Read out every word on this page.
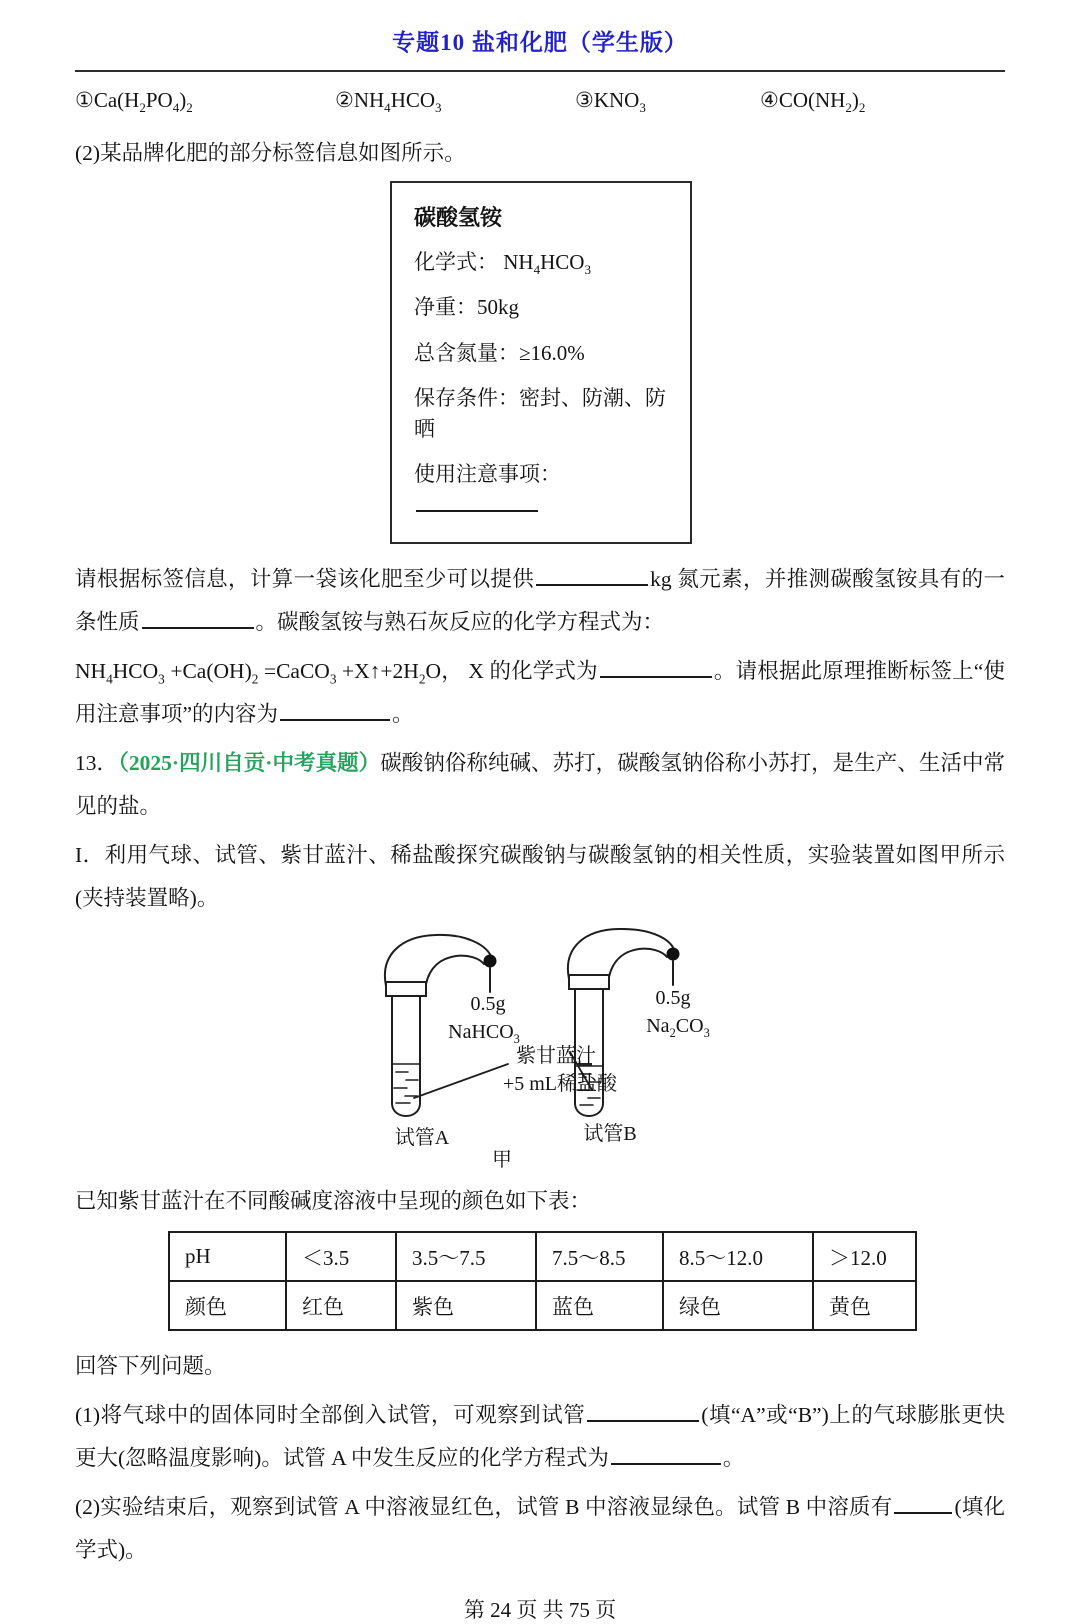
专题10 盐和化肥（学生版）
$①Ca(H_2PO_4)_2$	$②NH_4HCO_3$	$③KNO_3$	$④CO(NH_2)_2$

(2)某品牌化肥的部分标签信息如图所示。

碳酸氢铵
化学式： $NH_4HCO_3$
净重：50kg
总含氮量：≥16.0%
保存条件：密封、防潮、防晒
使用注意事项：

请根据标签信息，计算一袋该化肥至少可以提供	kg 氮元素，并推测碳酸氢铵具有的一条性质	。碳酸氢铵与熟石灰反应的化学方程式为：

$NH_4HCO_3 +Ca(OH)_2$ =CaCO$_3$ $+X↑+2H_2O$， X 的化学式为	。请根据此原理推断标签上“使用注意事项”的内容为	。

13．（2025·四川自贡·中考真题）碳酸钠俗称纯碱、苏打，碳酸氢钠俗称小苏打，是生产、生活中常见的盐。

I．利用气球、试管、紫甘蓝汁、稀盐酸探究碳酸钠与碳酸氢钠的相关性质，实验装置如图甲所示(夹持装置略)。

0.5g
NaHCO$_3$
0.5g
$Na_2CO_3$
紫甘蓝汁
+5 mL稀盐酸
试管A	试管B
甲

已知紫甘蓝汁在不同酸碱度溶液中呈现的颜色如下表：

pH	＜3.5	3.5～7.5	7.5～8.5	8.5～12.0	＞12.0
颜色	红色	紫色	蓝色	绿色	黄色

回答下列问题。

(1)将气球中的固体同时全部倒入试管，可观察到试管	(填“A”或“B”)上的气球膨胀更快更大(忽略温度影响)。试管 A 中发生反应的化学方程式为	。

(2)实验结束后，观察到试管 A 中溶液显红色，试管 B 中溶液显绿色。试管 B 中溶质有	(填化学式)。

第 24 页 共 75 页
